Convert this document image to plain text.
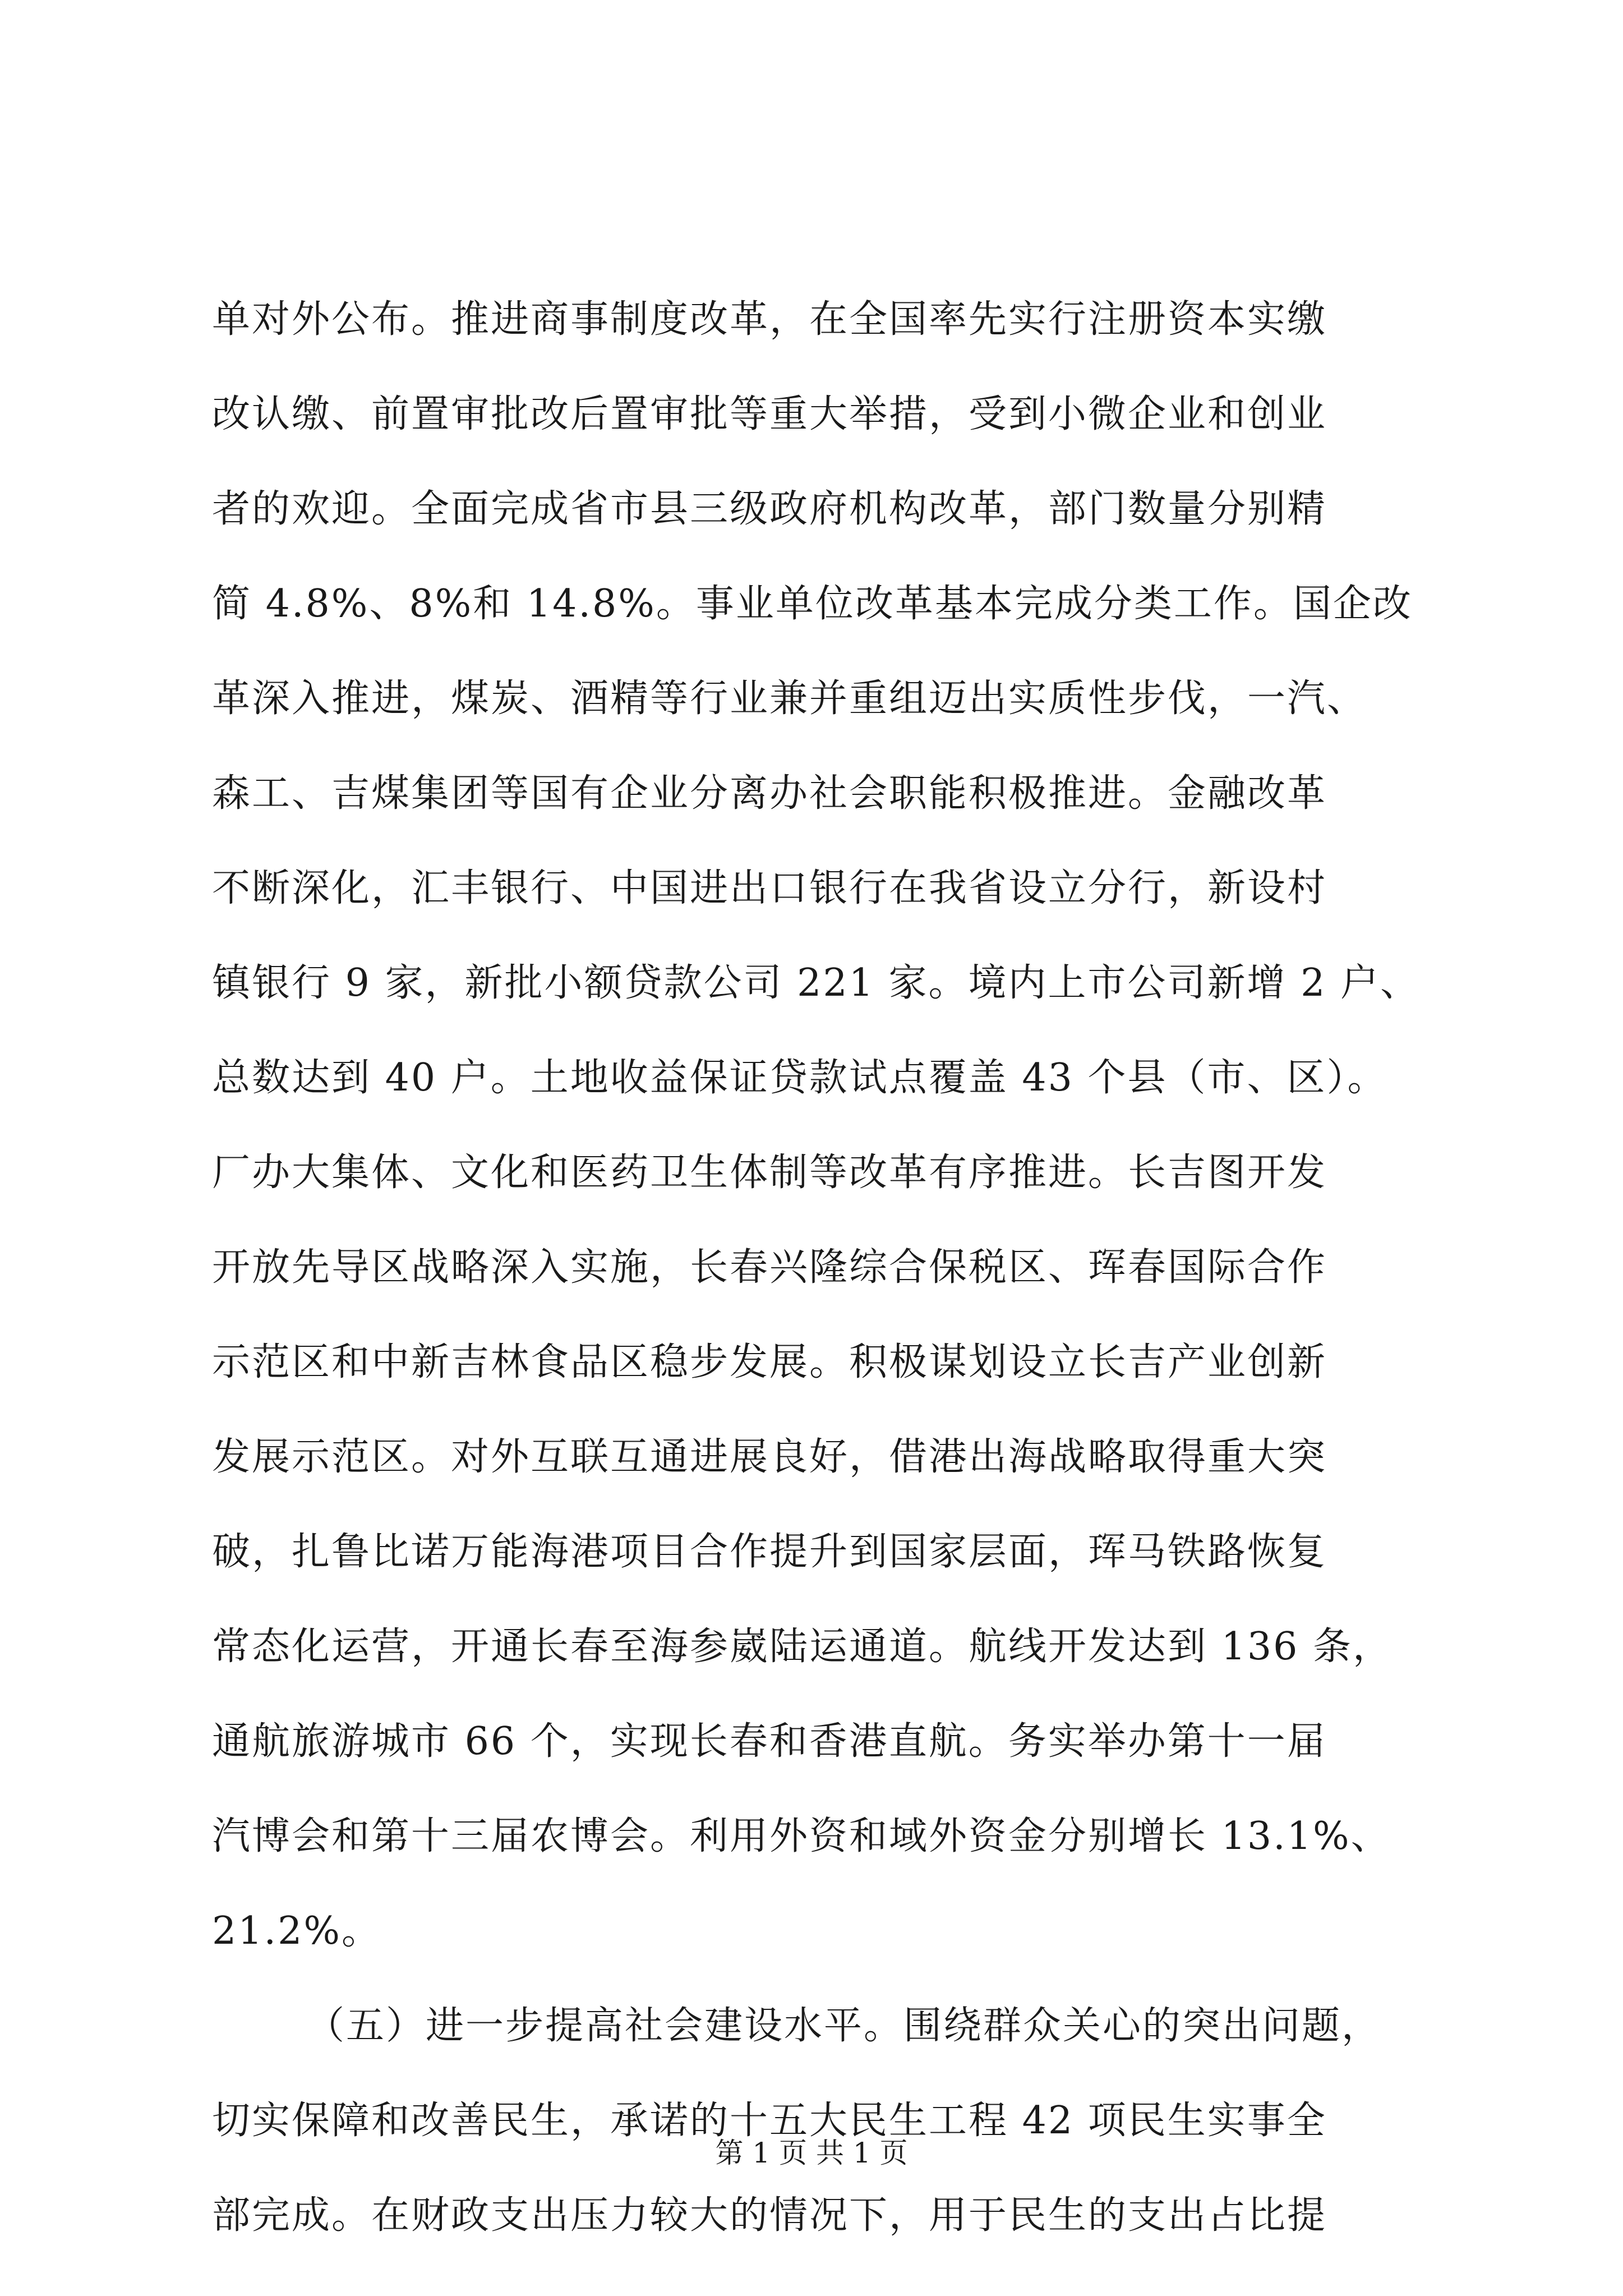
单对外公布。推进商事制度改革，在全国率先实行注册资本实缴
改认缴、前置审批改后置审批等重大举措，受到小微企业和创业
者的欢迎。全面完成省市县三级政府机构改革，部门数量分别精
简 4.8%、8%和 14.8%。事业单位改革基本完成分类工作。国企改
革深入推进，煤炭、酒精等行业兼并重组迈出实质性步伐，一汽、
森工、吉煤集团等国有企业分离办社会职能积极推进。金融改革
不断深化，汇丰银行、中国进出口银行在我省设立分行，新设村
镇银行 9 家，新批小额贷款公司 221 家。境内上市公司新增 2 户、
总数达到 40 户。土地收益保证贷款试点覆盖 43 个县（市、区）。
厂办大集体、文化和医药卫生体制等改革有序推进。长吉图开发
开放先导区战略深入实施，长春兴隆综合保税区、珲春国际合作
示范区和中新吉林食品区稳步发展。积极谋划设立长吉产业创新
发展示范区。对外互联互通进展良好，借港出海战略取得重大突
破，扎鲁比诺万能海港项目合作提升到国家层面，珲马铁路恢复
常态化运营，开通长春至海参崴陆运通道。航线开发达到 136 条，
通航旅游城市 66 个，实现长春和香港直航。务实举办第十一届
汽博会和第十三届农博会。利用外资和域外资金分别增长 13.1%、
21.2%。
（五）进一步提高社会建设水平。围绕群众关心的突出问题，
切实保障和改善民生，承诺的十五大民生工程 42 项民生实事全
部完成。在财政支出压力较大的情况下，用于民生的支出占比提
第 1 页 共 1 页
